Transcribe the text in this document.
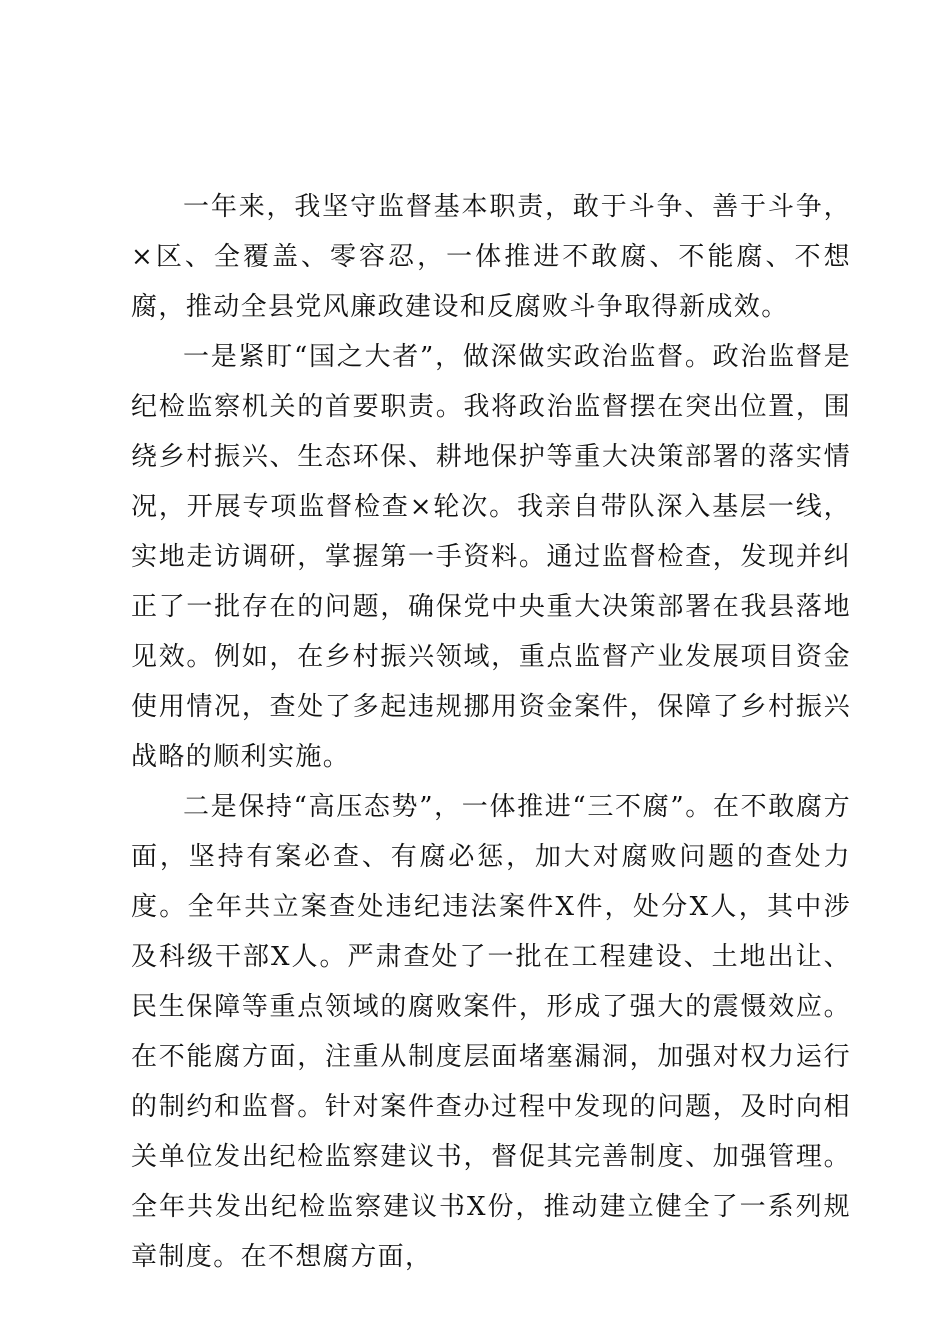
一年来，我坚守监督基本职责，敢于斗争、善于斗争，×区、全覆盖、零容忍，一体推进不敢腐、不能腐、不想腐，推动全县党风廉政建设和反腐败斗争取得新成效。

一是紧盯“国之大者”，做深做实政治监督。政治监督是纪检监察机关的首要职责。我将政治监督摆在突出位置，围绕乡村振兴、生态环保、耕地保护等重大决策部署的落实情况，开展专项监督检查×轮次。我亲自带队深入基层一线，实地走访调研，掌握第一手资料。通过监督检查，发现并纠正了一批存在的问题，确保党中央重大决策部署在我县落地见效。例如，在乡村振兴领域，重点监督产业发展项目资金使用情况，查处了多起违规挪用资金案件，保障了乡村振兴战略的顺利实施。

二是保持“高压态势”，一体推进“三不腐”。在不敢腐方面，坚持有案必查、有腐必惩，加大对腐败问题的查处力度。全年共立案查处违纪违法案件X件，处分X人，其中涉及科级干部X人。严肃查处了一批在工程建设、土地出让、民生保障等重点领域的腐败案件，形成了强大的震慑效应。在不能腐方面，注重从制度层面堵塞漏洞，加强对权力运行的制约和监督。针对案件查办过程中发现的问题，及时向相关单位发出纪检监察建议书，督促其完善制度、加强管理。全年共发出纪检监察建议书X份，推动建立健全了一系列规章制度。在不想腐方面，
